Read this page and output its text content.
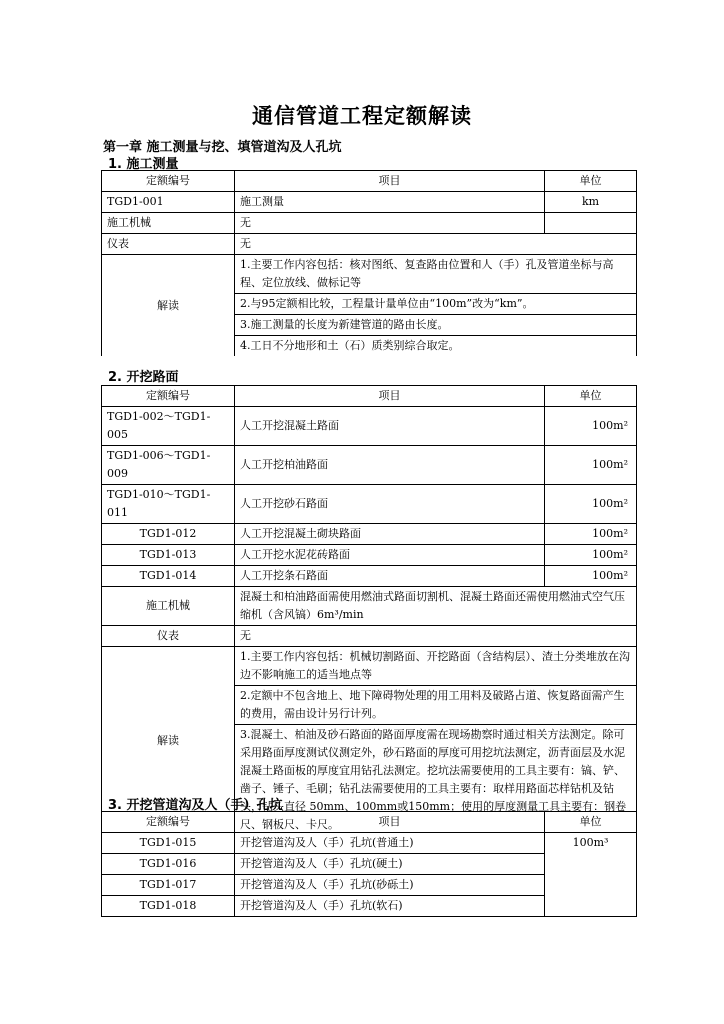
通信管道工程定额解读
第一章 施工测量与挖、填管道沟及人孔坑
1. 施工测量
定额编号	项目	单位
TGD1-001	施工测量	km
施工机械	无	
仪表	无	
解读	1.主要工作内容包括：核对图纸、复查路由位置和人（手）孔及管道坐标与高程、定位放线、做标记等	
	2.与95定额相比较，工程量计量单位由“100m”改为“km”。	
	3.施工测量的长度为新建管道的路由长度。	
	4.工日不分地形和土（石）质类别综合取定。	
2. 开挖路面
定额编号	项目	单位
TGD1-002～TGD1-005	人工开挖混凝土路面	100m²
TGD1-006～TGD1-009	人工开挖柏油路面	100m²
TGD1-010～TGD1-011	人工开挖砂石路面	100m²
TGD1-012	人工开挖混凝土砌块路面	100m²
TGD1-013	人工开挖水泥花砖路面	100m²
TGD1-014	人工开挖条石路面	100m²
施工机械	混凝土和柏油路面需使用燃油式路面切割机、混凝土路面还需使用燃油式空气压缩机（含风镐）6m³/min	
仪表	无	
解读	1.主要工作内容包括：机械切割路面、开挖路面（含结构层）、渣土分类堆放在沟边不影响施工的适当地点等	
	2.定额中不包含地上、地下障碍物处理的用工用料及破路占道、恢复路面需产生的费用，需由设计另行计列。	
	3.混凝土、柏油及砂石路面的路面厚度需在现场勘察时通过相关方法测定。除可采用路面厚度测试仪测定外，砂石路面的厚度可用挖坑法测定，沥青面层及水泥混凝土路面板的厚度宜用钻孔法测定。挖坑法需要使用的工具主要有：镐、铲、凿子、锤子、毛刷；钻孔法需要使用的工具主要有：取样用路面芯样钻机及钻头，钻头直径 50mm、100mm或150mm；使用的厚度测量工具主要有：钢卷尺、钢板尺、卡尺。	
3. 开挖管道沟及人（手）孔坑
定额编号	项目	单位
TGD1-015	开挖管道沟及人（手）孔坑(普通土)	100m³
TGD1-016	开挖管道沟及人（手）孔坑(硬土)	
TGD1-017	开挖管道沟及人（手）孔坑(砂砾土)	
TGD1-018	开挖管道沟及人（手）孔坑(软石)	
